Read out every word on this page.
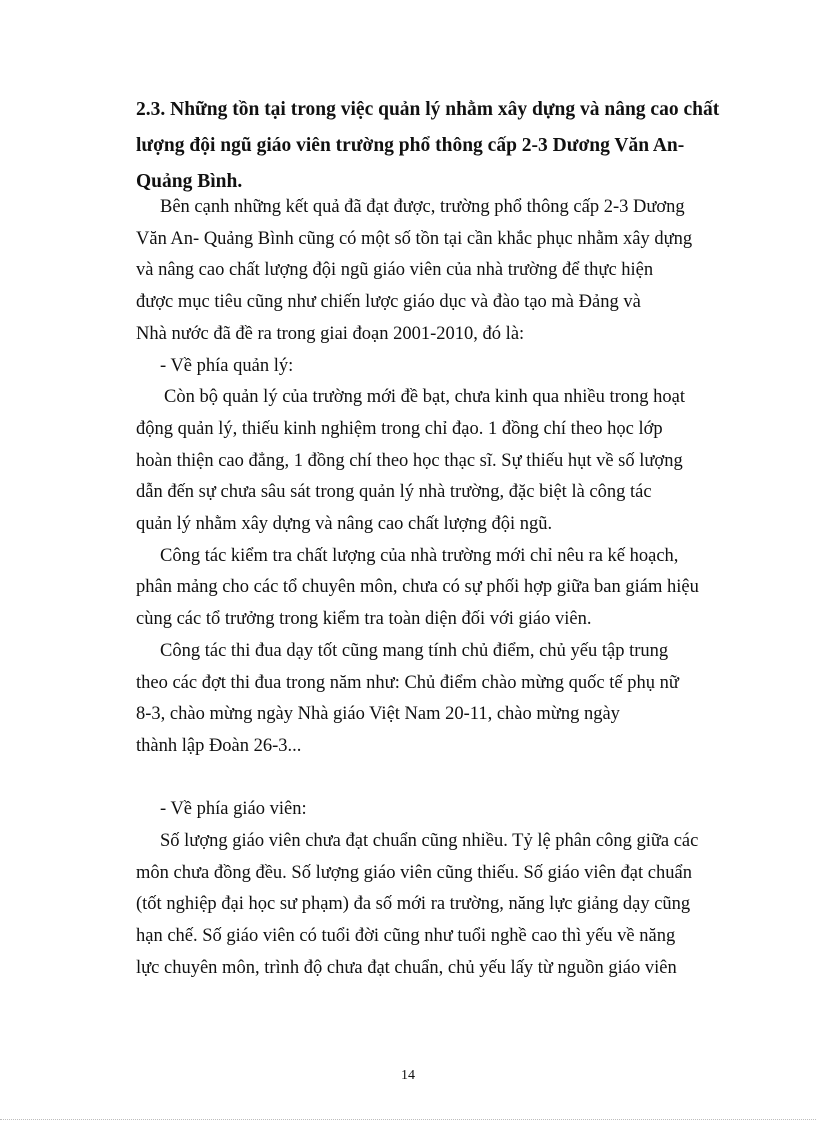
2.3. Những tồn tại trong việc quản lý nhằm xây dựng và nâng cao chất
lượng đội ngũ giáo viên trường phổ thông cấp 2-3 Dương Văn An-
Quảng Bình.
Bên cạnh những kết quả đã đạt được, trường phổ thông cấp 2-3 Dương
Văn An- Quảng Bình cũng có một số tồn tại cần khắc phục nhằm xây dựng
và nâng cao chất lượng đội ngũ giáo viên của nhà trường để thực hiện
được mục tiêu cũng như chiến lược giáo dục và đào tạo mà Đảng và
Nhà nước đã đề ra trong giai đoạn 2001-2010, đó là:
- Về phía quản lý:
Còn bộ quản lý của trường mới đề bạt, chưa kinh qua nhiều trong hoạt
động quản lý, thiếu kinh nghiệm trong chỉ đạo. 1 đồng chí theo học lớp
hoàn thiện cao đẳng, 1 đồng chí theo học thạc sĩ. Sự thiếu hụt về số lượng
dẫn đến sự chưa sâu sát trong quản lý nhà trường, đặc biệt là công tác
quản lý nhằm xây dựng và nâng cao chất lượng đội ngũ.
Công tác kiểm tra chất lượng của nhà trường mới chỉ nêu ra kế hoạch,
phân mảng cho các tổ chuyên môn, chưa có sự phối hợp giữa ban giám hiệu
cùng các tổ trưởng trong kiểm tra toàn diện đối với giáo viên.
Công tác thi đua dạy tốt cũng mang tính chủ điểm, chủ yếu tập trung
theo các đợt thi đua trong năm như: Chủ điểm chào mừng quốc tế phụ nữ
8-3, chào mừng ngày Nhà giáo Việt Nam 20-11, chào mừng ngày
thành lập Đoàn 26-3...
- Về phía giáo viên:
Số lượng giáo viên chưa đạt chuẩn cũng nhiều. Tỷ lệ phân công giữa các
môn chưa đồng đều. Số lượng giáo viên cũng thiếu. Số giáo viên đạt chuẩn
(tốt nghiệp đại học sư phạm) đa số mới ra trường, năng lực giảng dạy cũng
hạn chế. Số giáo viên có tuổi đời cũng như tuổi nghề cao thì yếu về năng
lực chuyên môn, trình độ chưa đạt chuẩn, chủ yếu lấy từ nguồn giáo viên
14
